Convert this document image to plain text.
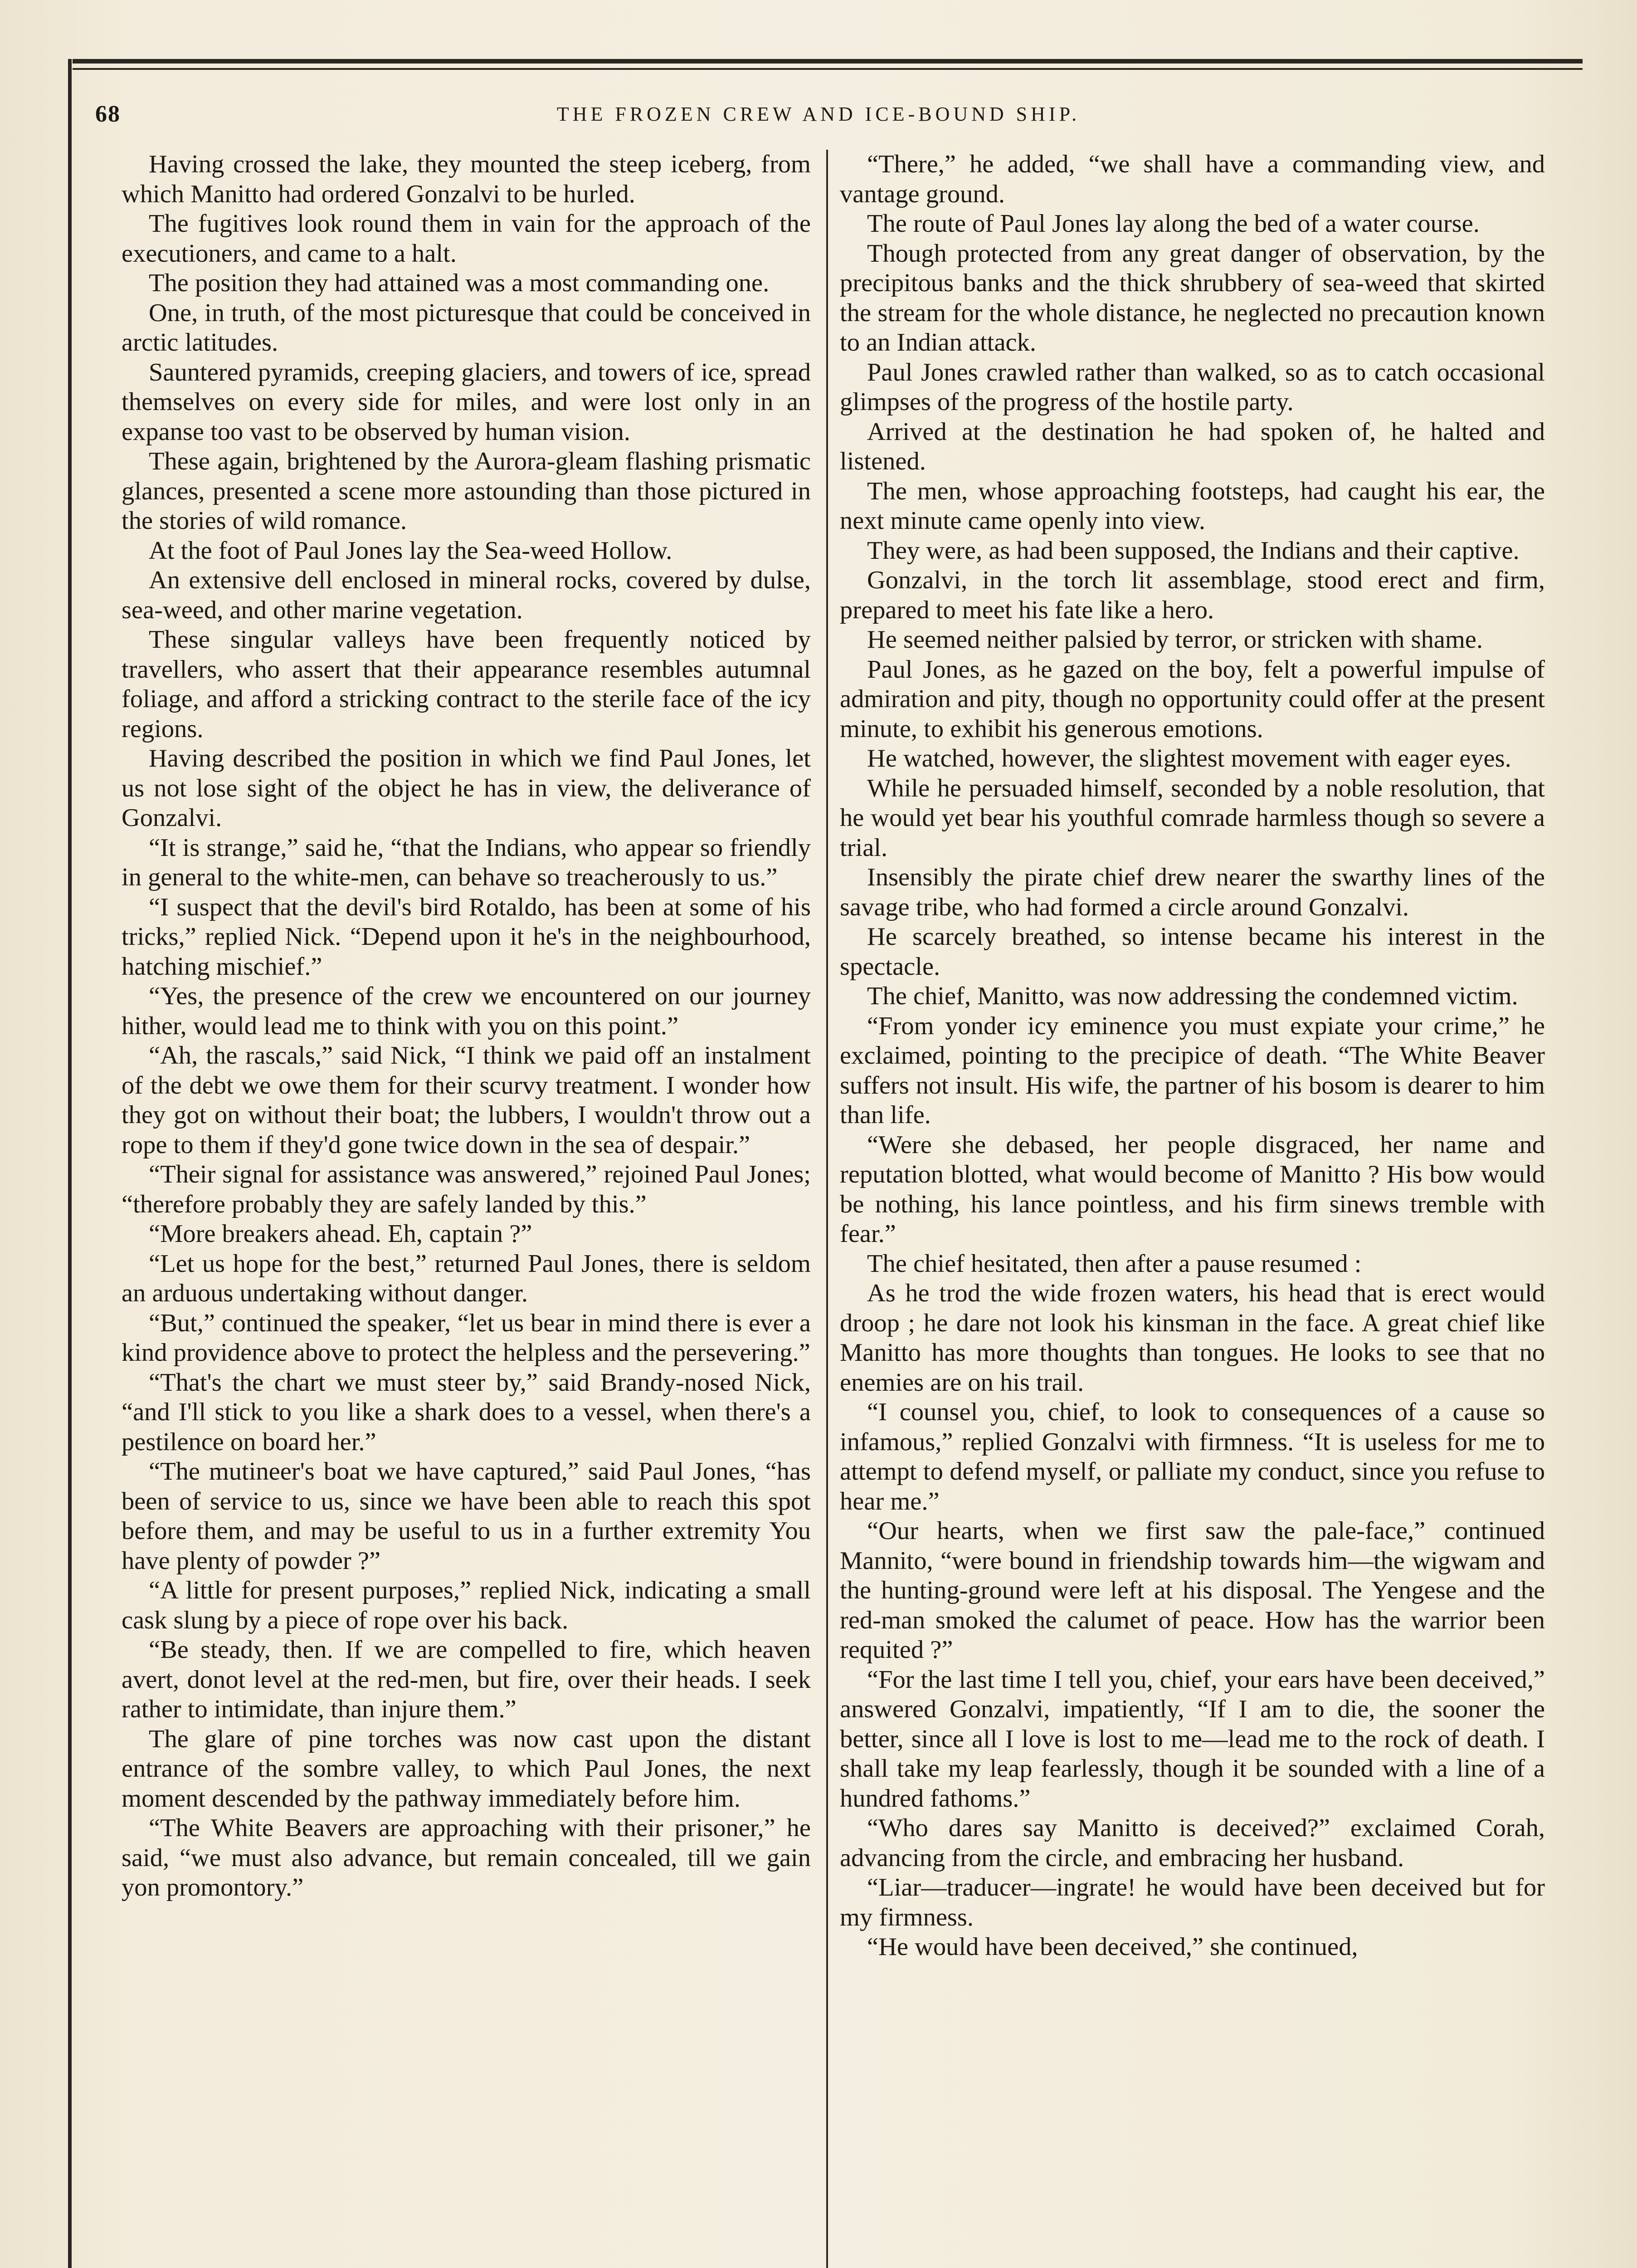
68	THE FROZEN CREW AND ICE-BOUND SHIP.

Having crossed the lake, they mounted the steep iceberg, from which Manitto had ordered Gonzalvi to be hurled.

The fugitives look round them in vain for the approach of the executioners, and came to a halt.

The position they had attained was a most commanding one.

One, in truth, of the most picturesque that could be conceived in arctic latitudes.

Sauntered pyramids, creeping glaciers, and towers of ice, spread themselves on every side for miles, and were lost only in an expanse too vast to be observed by human vision.

These again, brightened by the Aurora-gleam flashing prismatic glances, presented a scene more astounding than those pictured in the stories of wild romance.

At the foot of Paul Jones lay the Sea-weed Hollow.

An extensive dell enclosed in mineral rocks, covered by dulse, sea-weed, and other marine vegetation.

These singular valleys have been frequently noticed by travellers, who assert that their appearance resembles autumnal foliage, and afford a stricking contract to the sterile face of the icy regions.

Having described the position in which we find Paul Jones, let us not lose sight of the object he has in view, the deliverance of Gonzalvi.

“It is strange,” said he, “that the Indians, who appear so friendly in general to the white-men, can behave so treacherously to us.”

“I suspect that the devil's bird Rotaldo, has been at some of his tricks,” replied Nick. “Depend upon it he's in the neighbourhood, hatching mischief.”

“Yes, the presence of the crew we encountered on our journey hither, would lead me to think with you on this point.”

“Ah, the rascals,” said Nick, “I think we paid off an instalment of the debt we owe them for their scurvy treatment. I wonder how they got on without their boat; the lubbers, I wouldn't throw out a rope to them if they'd gone twice down in the sea of despair.”

“Their signal for assistance was answered,” rejoined Paul Jones; “therefore probably they are safely landed by this.”

“More breakers ahead. Eh, captain ?”

“Let us hope for the best,” returned Paul Jones, there is seldom an arduous undertaking without danger.

“But,” continued the speaker, “let us bear in mind there is ever a kind providence above to protect the helpless and the persevering.”

“That's the chart we must steer by,” said Brandy-nosed Nick, “and I'll stick to you like a shark does to a vessel, when there's a pestilence on board her.”

“The mutineer's boat we have captured,” said Paul Jones, “has been of service to us, since we have been able to reach this spot before them, and may be useful to us in a further extremity You have plenty of powder ?”

“A little for present purposes,” replied Nick, indicating a small cask slung by a piece of rope over his back.

“Be steady, then. If we are compelled to fire, which heaven avert, donot level at the red-men, but fire, over their heads. I seek rather to intimidate, than injure them.”

The glare of pine torches was now cast upon the distant entrance of the sombre valley, to which Paul Jones, the next moment descended by the pathway immediately before him.

“The White Beavers are approaching with their prisoner,” he said, “we must also advance, but remain concealed, till we gain yon promontory.”

“There,” he added, “we shall have a commanding view, and vantage ground.

The route of Paul Jones lay along the bed of a water course.

Though protected from any great danger of observation, by the precipitous banks and the thick shrubbery of sea-weed that skirted the stream for the whole distance, he neglected no precaution known to an Indian attack.

Paul Jones crawled rather than walked, so as to catch occasional glimpses of the progress of the hostile party.

Arrived at the destination he had spoken of, he halted and listened.

The men, whose approaching footsteps, had caught his ear, the next minute came openly into view.

They were, as had been supposed, the Indians and their captive.

Gonzalvi, in the torch lit assemblage, stood erect and firm, prepared to meet his fate like a hero.

He seemed neither palsied by terror, or stricken with shame.

Paul Jones, as he gazed on the boy, felt a powerful impulse of admiration and pity, though no opportunity could offer at the present minute, to exhibit his generous emotions.

He watched, however, the slightest movement with eager eyes.

While he persuaded himself, seconded by a noble resolution, that he would yet bear his youthful comrade harmless though so severe a trial.

Insensibly the pirate chief drew nearer the swarthy lines of the savage tribe, who had formed a circle around Gonzalvi.

He scarcely breathed, so intense became his interest in the spectacle.

The chief, Manitto, was now addressing the condemned victim.

“From yonder icy eminence you must expiate your crime,” he exclaimed, pointing to the precipice of death. “The White Beaver suffers not insult. His wife, the partner of his bosom is dearer to him than life.

“Were she debased, her people disgraced, her name and reputation blotted, what would become of Manitto ? His bow would be nothing, his lance pointless, and his firm sinews tremble with fear.”

The chief hesitated, then after a pause resumed :

As he trod the wide frozen waters, his head that is erect would droop ; he dare not look his kinsman in the face. A great chief like Manitto has more thoughts than tongues. He looks to see that no enemies are on his trail.

“I counsel you, chief, to look to consequences of a cause so infamous,” replied Gonzalvi with firmness. “It is useless for me to attempt to defend myself, or palliate my conduct, since you refuse to hear me.”

“Our hearts, when we first saw the pale-face,” continued Mannito, “were bound in friendship towards him—the wigwam and the hunting-ground were left at his disposal. The Yengese and the red-man smoked the calumet of peace. How has the warrior been requited ?”

“For the last time I tell you, chief, your ears have been deceived,” answered Gonzalvi, impatiently, “If I am to die, the sooner the better, since all I love is lost to me—lead me to the rock of death. I shall take my leap fearlessly, though it be sounded with a line of a hundred fathoms.”

“Who dares say Manitto is deceived?” exclaimed Corah, advancing from the circle, and embracing her husband.

“Liar—traducer—ingrate! he would have been deceived but for my firmness.

“He would have been deceived,” she continued,
